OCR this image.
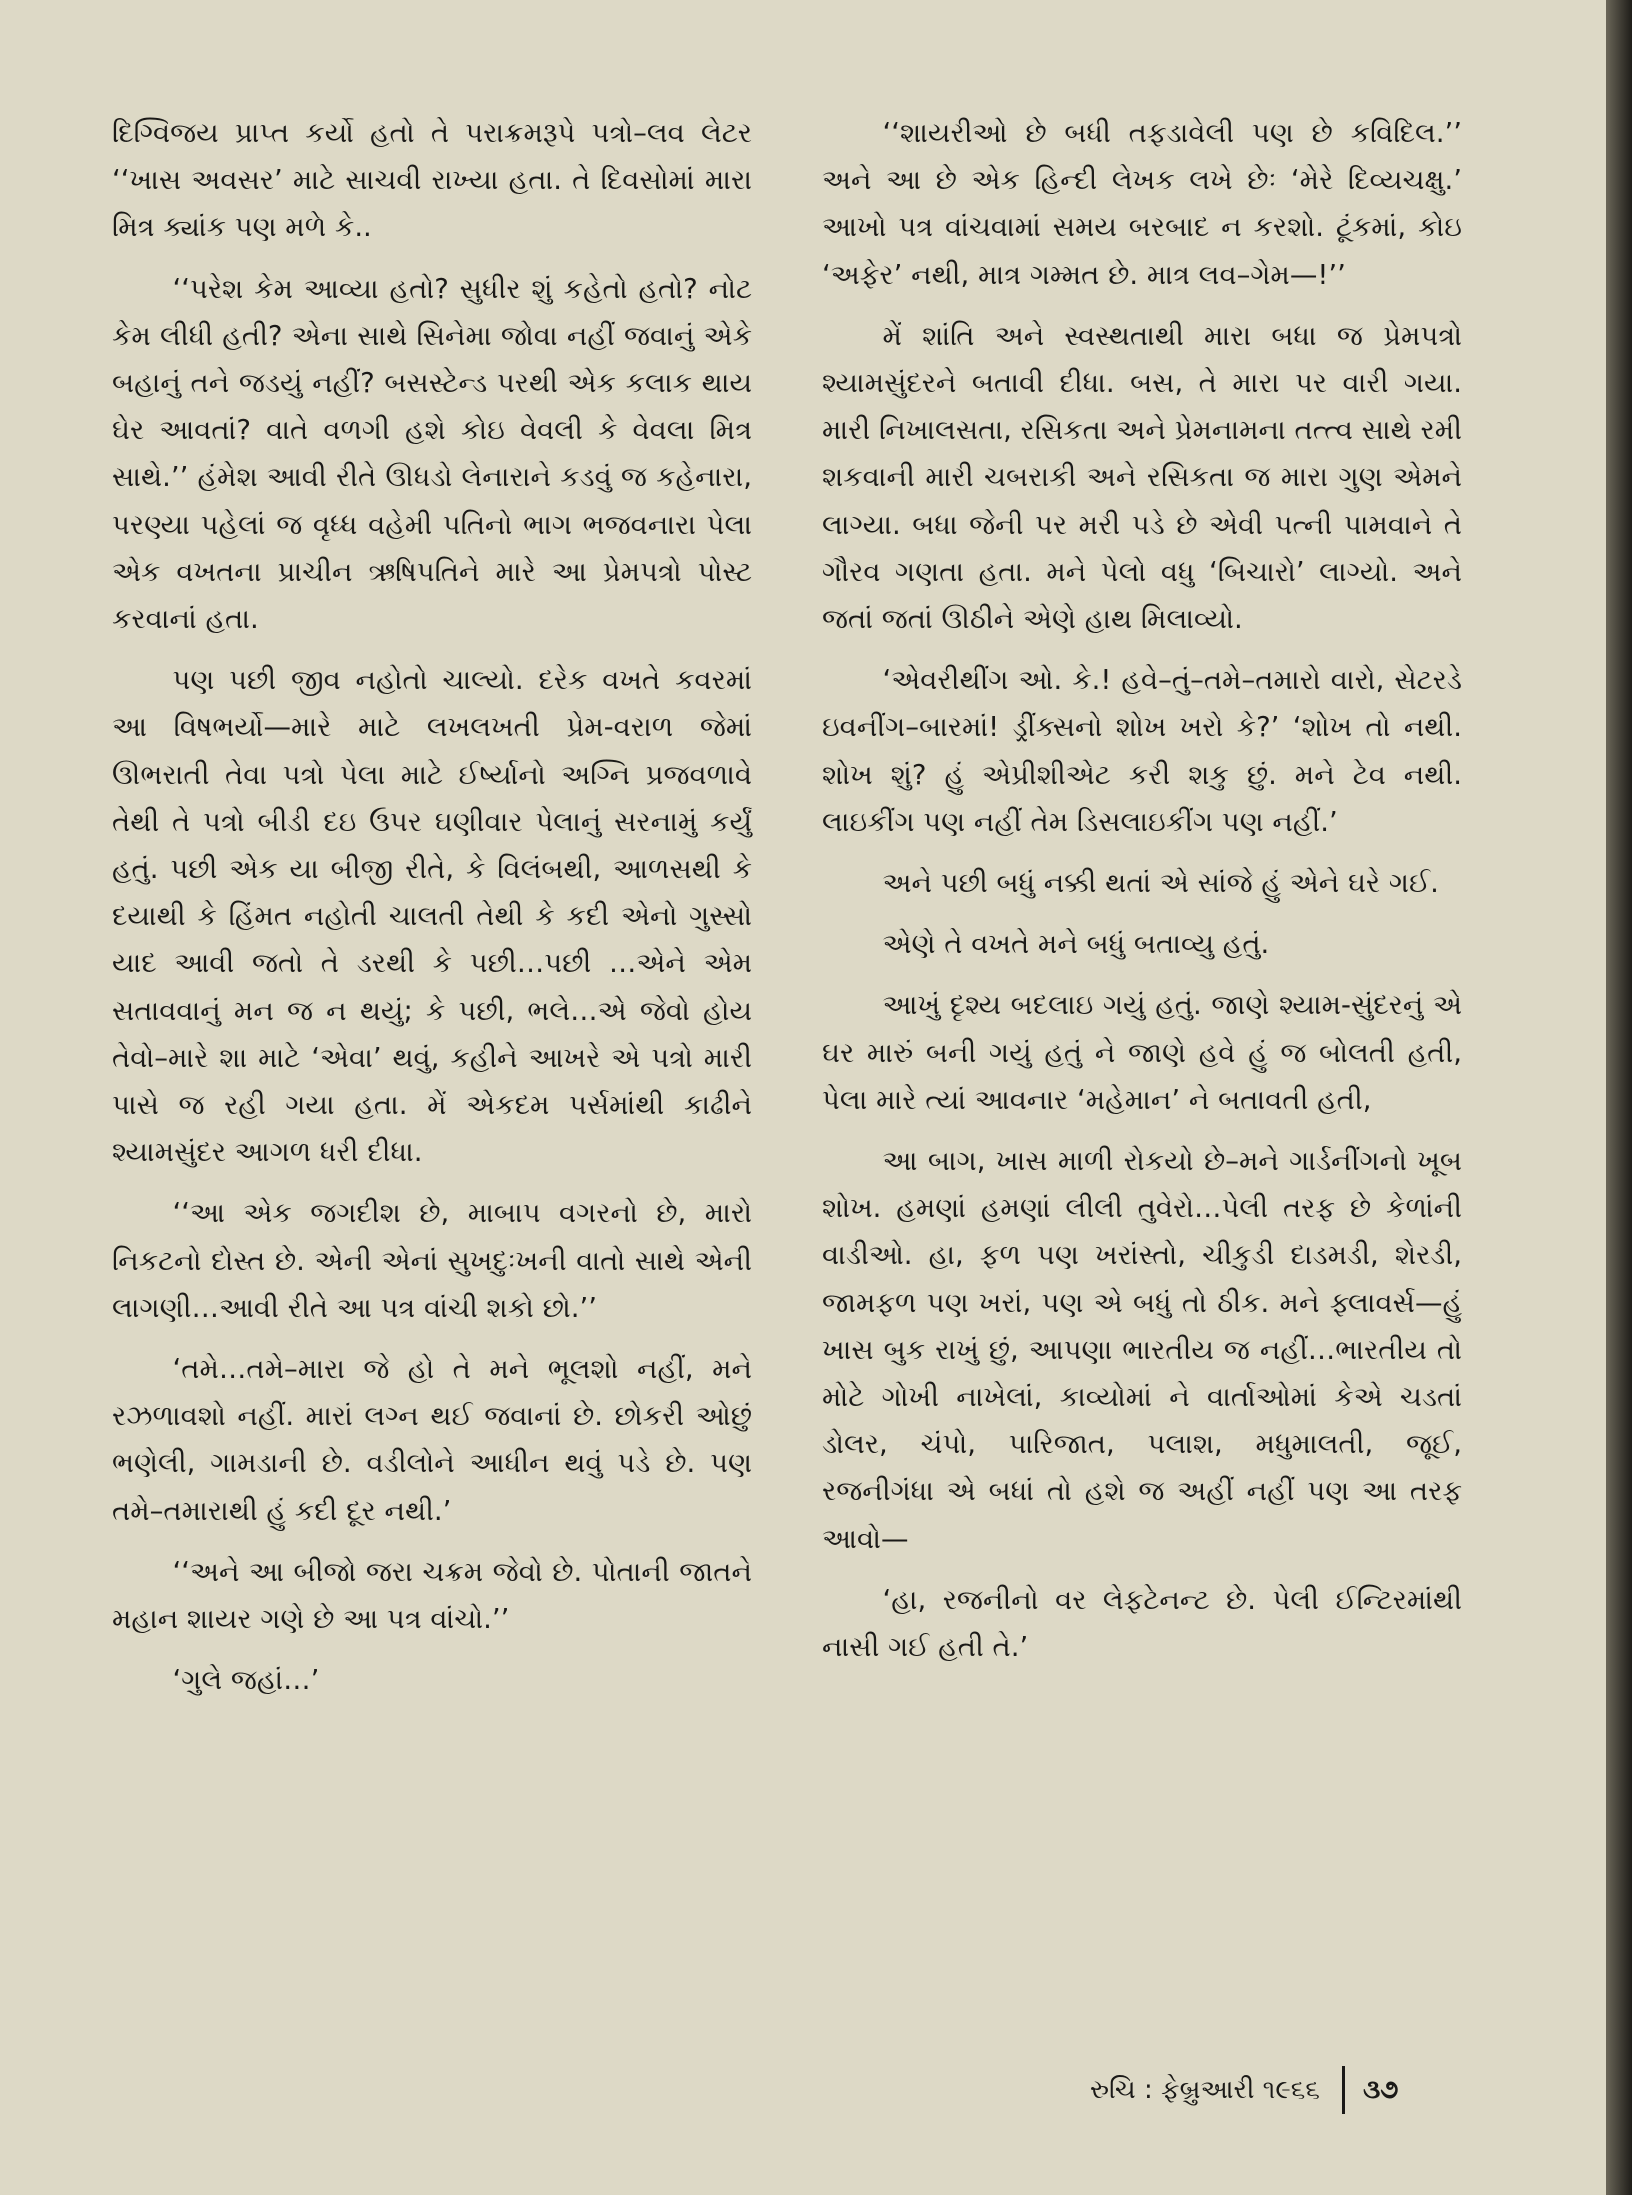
દિગ્વિજય પ્રાપ્ત કર્યો હતો તે પરાક્રમરૂપે પત્રો–લવ લેટર ‘‘ખાસ અવસર’ માટે સાચવી રાખ્યા હતા. તે દિવસોમાં મારા મિત્ર ક્યાંક પણ મળે કે..

‘‘પરેશ કેમ આવ્યા હતો? સુધીર શું કહેતો હતો? નોટ કેમ લીધી હતી? એના સાથે સિનેમા જોવા નહીં જવાનું એકે બહાનું તને જડયું નહીં? બસસ્ટેન્ડ પરથી એક કલાક થાય ઘેર આવતાં? વાતે વળગી હશે કોઇ વેવલી કે વેવલા મિત્ર સાથે.’’ હંમેશ આવી રીતે ઊધડો લેનારાને કડવું જ કહેનારા, પરણ્યા પહેલાં જ વૃધ્ધ વહેમી પતિનો ભાગ ભજવનારા પેલા એક વખતના પ્રાચીન ઋષિપતિને મારે આ પ્રેમપત્રો પોસ્ટ કરવાનાં હતા.

પણ પછી જીવ નહોતો ચાલ્યો. દરેક વખતે કવરમાં આ વિષભર્યો—મારે માટે લખલખતી પ્રેમ-વરાળ જેમાં ઊભરાતી તેવા પત્રો પેલા માટે ઈર્ષ્યાનો અગ્નિ પ્રજવળાવે તેથી તે પત્રો બીડી દઇ ઉપર ઘણીવાર પેલાનું સરનામું કર્યું હતું. પછી એક યા બીજી રીતે, કે વિલંબથી, આળસથી કે દયાથી કે હિંમત નહોતી ચાલતી તેથી કે કદી એનો ગુસ્સો યાદ આવી જતો તે ડરથી કે પછી…પછી …એને એમ સતાવવાનું મન જ ન થયું; કે પછી, ભલે…એ જેવો હોય તેવો–મારે શા માટે ‘એવા’ થવું, કહીને આખરે એ પત્રો મારી પાસે જ રહી ગયા હતા. મેં એકદમ પર્સમાંથી કાઢીને શ્યામસુંદર આગળ ધરી દીધા.

‘‘આ એક જગદીશ છે, માબાપ વગરનો છે, મારો નિકટનો દોસ્ત છે. એની એનાં સુખદુઃખની વાતો સાથે એની લાગણી…આવી રીતે આ પત્ર વાંચી શકો છો.’’

‘તમે…તમે–મારા જે હો તે મને ભૂલશો નહીં, મને રઝળાવશો નહીં. મારાં લગ્ન થઈ જવાનાં છે. છોકરી ઓછું ભણેલી, ગામડાની છે. વડીલોને આધીન થવું પડે છે. પણ તમે–તમારાથી હું કદી દૂર નથી.’

‘‘અને આ બીજો જરા ચક્રમ જેવો છે. પોતાની જાતને મહાન શાયર ગણે છે આ પત્ર વાંચો.’’

‘ગુલે જહાં…’

‘‘શાયરીઓ છે બધી તફડાવેલી પણ છે કવિદિલ.’’ અને આ છે એક હિન્દી લેખક લખે છેઃ ‘મેરે દિવ્યચક્ષુ.’ આખો પત્ર વાંચવામાં સમય બરબાદ ન કરશો. ટૂંકમાં, કોઇ ‘અફેર’ નથી, માત્ર ગમ્મત છે. માત્ર લવ–ગેમ—!’’

મેં શાંતિ અને સ્વસ્થતાથી મારા બધા જ પ્રેમપત્રો શ્યામસુંદરને બતાવી દીધા. બસ, તે મારા પર વારી ગયા. મારી નિખાલસતા, રસિકતા અને પ્રેમનામના તત્ત્વ સાથે રમી શકવાની મારી ચબરાકી અને રસિકતા જ મારા ગુણ એમને લાગ્યા. બધા જેની પર મરી પડે છે એવી પત્ની પામવાને તે ગૌરવ ગણતા હતા. મને પેલો વધુ ‘બિચારો’ લાગ્યો. અને જતાં જતાં ઊઠીને એણે હાથ મિલાવ્યો.

‘એવરીથીંગ ઓ. કે.! હવે–તું–તમે–તમારો વારો, સેટરડે ઇવનીંગ–બારમાં! ડ્રીંક્સનો શોખ ખરો કે?’ ‘શોખ તો નથી. શોખ શું? હું એપ્રીશીએટ કરી શકુ છું. મને ટેવ નથી. લાઇકીંગ પણ નહીં તેમ ડિસલાઇકીંગ પણ નહીં.’

અને પછી બધું નક્કી થતાં એ સાંજે હું એને ઘરે ગઈ.

એણે તે વખતે મને બધું બતાવ્યુ હતું.

આખું દૃશ્ય બદલાઇ ગયું હતું. જાણે શ્યામ-સુંદરનું એ ઘર મારું બની ગયું હતું ને જાણે હવે હું જ બોલતી હતી, પેલા મારે ત્યાં આવનાર ‘મહેમાન’ ને બતાવતી હતી,

આ બાગ, ખાસ માળી રોકયો છે–મને ગાર્ડનીંગનો ખૂબ શોખ. હમણાં હમણાં લીલી તુવેરો…પેલી તરફ છે કેળાંની વાડીઓ. હા, ફળ પણ ખરાંસ્તો, ચીકુડી દાડમડી, શેરડી, જામફળ પણ ખરાં, પણ એ બધું તો ઠીક. મને ફ્લાવર્સ—હું ખાસ બુક રાખું છું, આપણા ભારતીય જ નહીં…ભારતીય તો મોટે ગોખી નાખેલાં, કાવ્યોમાં ને વાર્તાઓમાં કેએ ચડતાં ડોલર, ચંપો, પારિજાત, પલાશ, મધુમાલતી, જૂઈ, રજનીગંધા એ બધાં તો હશે જ અહીં નહીં પણ આ તરફ આવો—

‘હા, રજનીનો વર લેફટેનન્ટ છે. પેલી ઈન્ટિરમાંથી નાસી ગઈ હતી તે.’

રુચિ : ફેબ્રુઆરી ૧૯૬૬ ૩૭
